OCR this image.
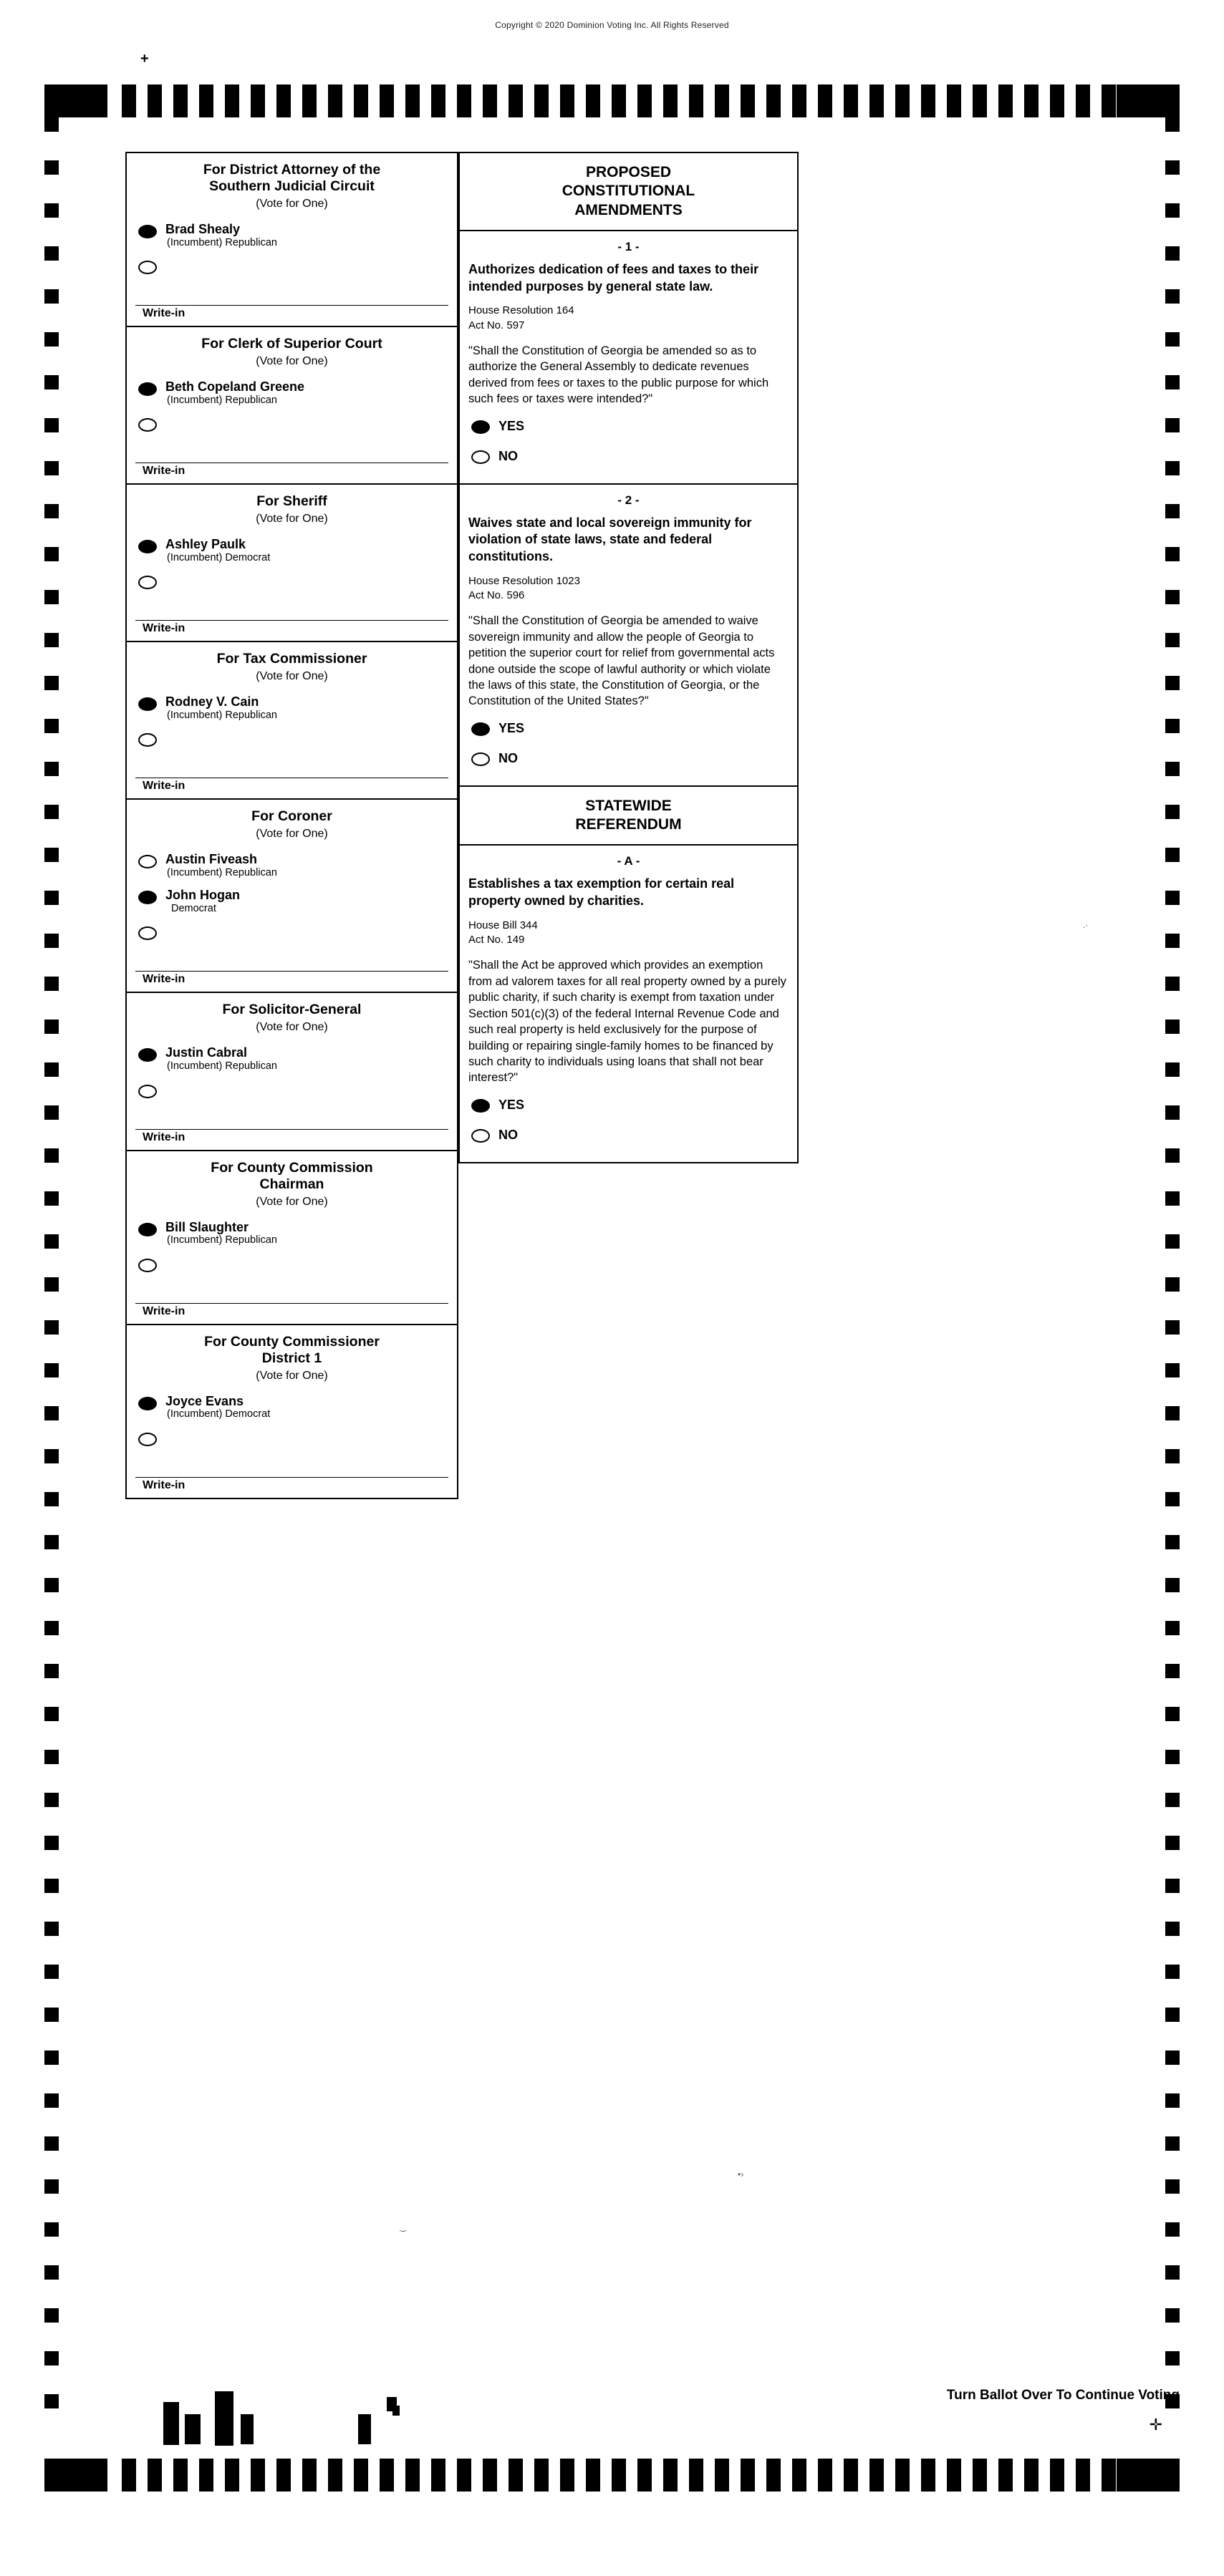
Copyright © 2020 Dominion Voting Inc. All Rights Reserved
+
For District Attorney of the
Southern Judicial Circuit
(Vote for One)
Brad Shealy
(Incumbent) Republican
Write-in
For Clerk of Superior Court
(Vote for One)
Beth Copeland Greene
(Incumbent) Republican
Write-in
For Sheriff
(Vote for One)
Ashley Paulk
(Incumbent) Democrat
Write-in
For Tax Commissioner
(Vote for One)
Rodney V. Cain
(Incumbent) Republican
Write-in
For Coroner
(Vote for One)
Austin Fiveash
(Incumbent) Republican
John Hogan
Democrat
Write-in
For Solicitor-General
(Vote for One)
Justin Cabral
(Incumbent) Republican
Write-in
For County Commission
Chairman
(Vote for One)
Bill Slaughter
(Incumbent) Republican
Write-in
For County Commissioner
District 1
(Vote for One)
Joyce Evans
(Incumbent) Democrat
Write-in
PROPOSED
CONSTITUTIONAL
AMENDMENTS
- 1 -
Authorizes dedication of fees and taxes to their intended purposes by general state law.
House Resolution 164
Act No. 597
"Shall the Constitution of Georgia be amended so as to authorize the General Assembly to dedicate revenues derived from fees or taxes to the public purpose for which such fees or taxes were intended?"
YES
NO
- 2 -
Waives state and local sovereign immunity for violation of state laws, state and federal constitutions.
House Resolution 1023
Act No. 596
"Shall the Constitution of Georgia be amended to waive sovereign immunity and allow the people of Georgia to petition the superior court for relief from governmental acts done outside the scope of lawful authority or which violate the laws of this state, the Constitution of Georgia, or the Constitution of the United States?"
YES
NO
STATEWIDE
REFERENDUM
- A -
Establishes a tax exemption for certain real property owned by charities.
House Bill 344
Act No. 149
"Shall the Act be approved which provides an exemption from ad valorem taxes for all real property owned by a purely public charity, if such charity is exempt from taxation under Section 501(c)(3) of the federal Internal Revenue Code and such real property is held exclusively for the purpose of building or repairing single-family homes to be financed by such charity to individuals using loans that shall not bear interest?"
YES
NO
Turn Ballot Over To Continue Voting
✛
.·
•›
‿
